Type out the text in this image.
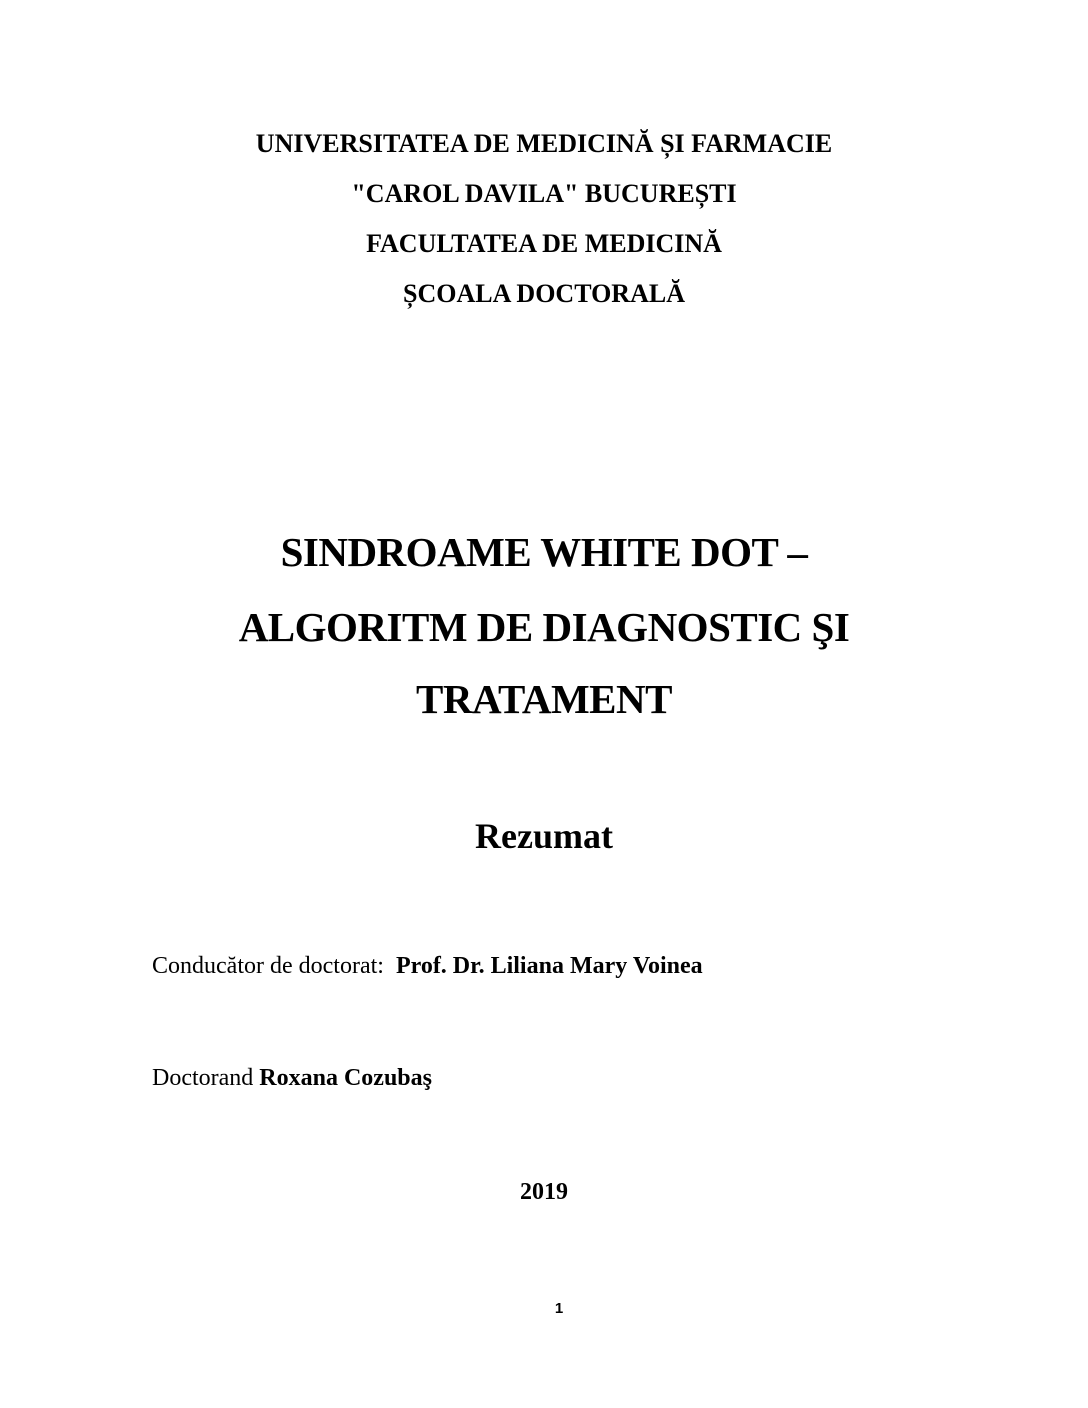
UNIVERSITATEA DE MEDICINĂ ȘI FARMACIE
"CAROL DAVILA" BUCUREȘTI
FACULTATEA DE MEDICINĂ
ȘCOALA DOCTORALĂ
SINDROAME WHITE DOT –
ALGORITM DE DIAGNOSTIC ŞI
TRATAMENT
Rezumat
Conducător de doctorat: Prof. Dr. Liliana Mary Voinea
Doctorand Roxana Cozubaş
2019
1
